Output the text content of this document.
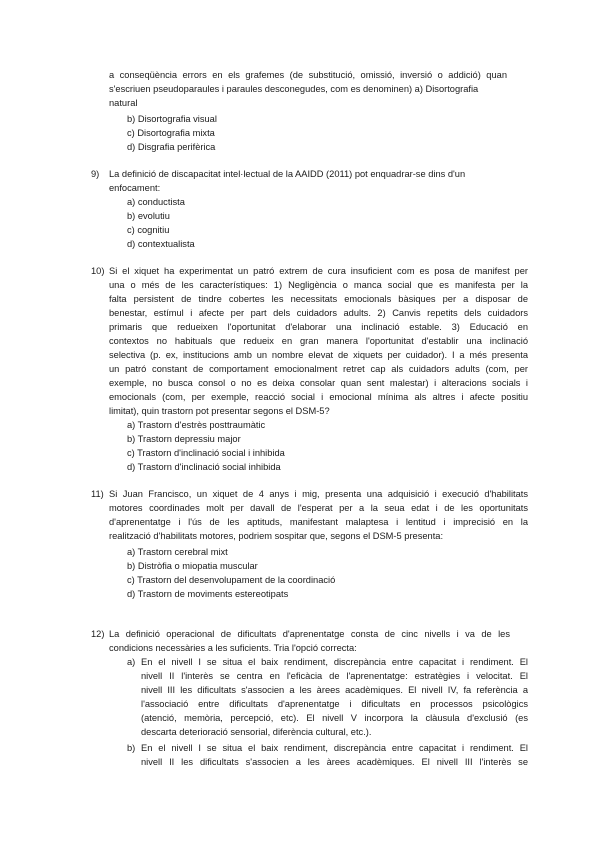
a conseqüència errors en els grafemes (de substitució, omissió, inversió o addició) quan
s'escriuen pseudoparaules i paraules desconegudes, com es denominen) a) Disortografia
natural
b) Disortografia visual
c) Disortografia mixta
d) Disgrafia perifèrica
9) La definició de discapacitat intel·lectual de la AAIDD (2011) pot enquadrar-se dins d'un
enfocament:
a) conductista
b) evolutiu
c) cognitiu
d) contextualista
10) Si el xiquet ha experimentat un patró extrem de cura insuficient com es posa de manifest per
una o més de les característiques: 1) Negligència o manca social que es manifesta per la
falta persistent de tindre cobertes les necessitats emocionals bàsiques per a disposar de
benestar, estímul i afecte per part dels cuidadors adults. 2) Canvis repetits dels cuidadors
primaris que redueixen l'oportunitat d'elaborar una inclinació estable. 3) Educació en
contextos no habituals que redueix en gran manera l'oportunitat d'establir una inclinació
selectiva (p. ex, institucions amb un nombre elevat de xiquets per cuidador). I a més presenta
un patró constant de comportament emocionalment retret cap als cuidadors adults (com, per
exemple, no busca consol o no es deixa consolar quan sent malestar) i alteracions socials i
emocionals (com, per exemple, reacció social i emocional mínima als altres i afecte positiu
limitat), quin trastorn pot presentar segons el DSM-5?
a) Trastorn d'estrès posttraumàtic
b) Trastorn depressiu major
c) Trastorn d'inclinació social i inhibida
d) Trastorn d'inclinació social inhibida
11) Si Juan Francisco, un xiquet de 4 anys i mig, presenta una adquisició i execució d'habilitats
motores coordinades molt per davall de l'esperat per a la seua edat i de les oportunitats
d'aprenentatge i l'ús de les aptituds, manifestant malaptesa i lentitud i imprecisió en la
realització d'habilitats motores, podriem sospitar que, segons el DSM-5 presenta:
a) Trastorn cerebral mixt
b) Distròfia o miopatia muscular
c) Trastorn del desenvolupament de la coordinació
d) Trastorn de moviments estereotipats
12) La definició operacional de dificultats d'aprenentatge consta de cinc nivells i va de les
condicions necessàries a les suficients. Tria l'opció correcta:
a) En el nivell I se situa el baix rendiment, discrepància entre capacitat i rendiment. El
nivell II l'interès se centra en l'eficàcia de l'aprenentatge: estratègies i velocitat. El
nivell III les dificultats s'associen a les àrees acadèmiques. El nivell IV, fa referència a
l'associació entre dificultats d'aprenentatge i dificultats en processos psicològics
(atenció, memòria, percepció, etc). El nivell V incorpora la clàusula d'exclusió (es
descarta deterioració sensorial, diferència cultural, etc.).
b) En el nivell I se situa el baix rendiment, discrepància entre capacitat i rendiment. El
nivell II les dificultats s'associen a les àrees acadèmiques. El nivell III l'interès se
